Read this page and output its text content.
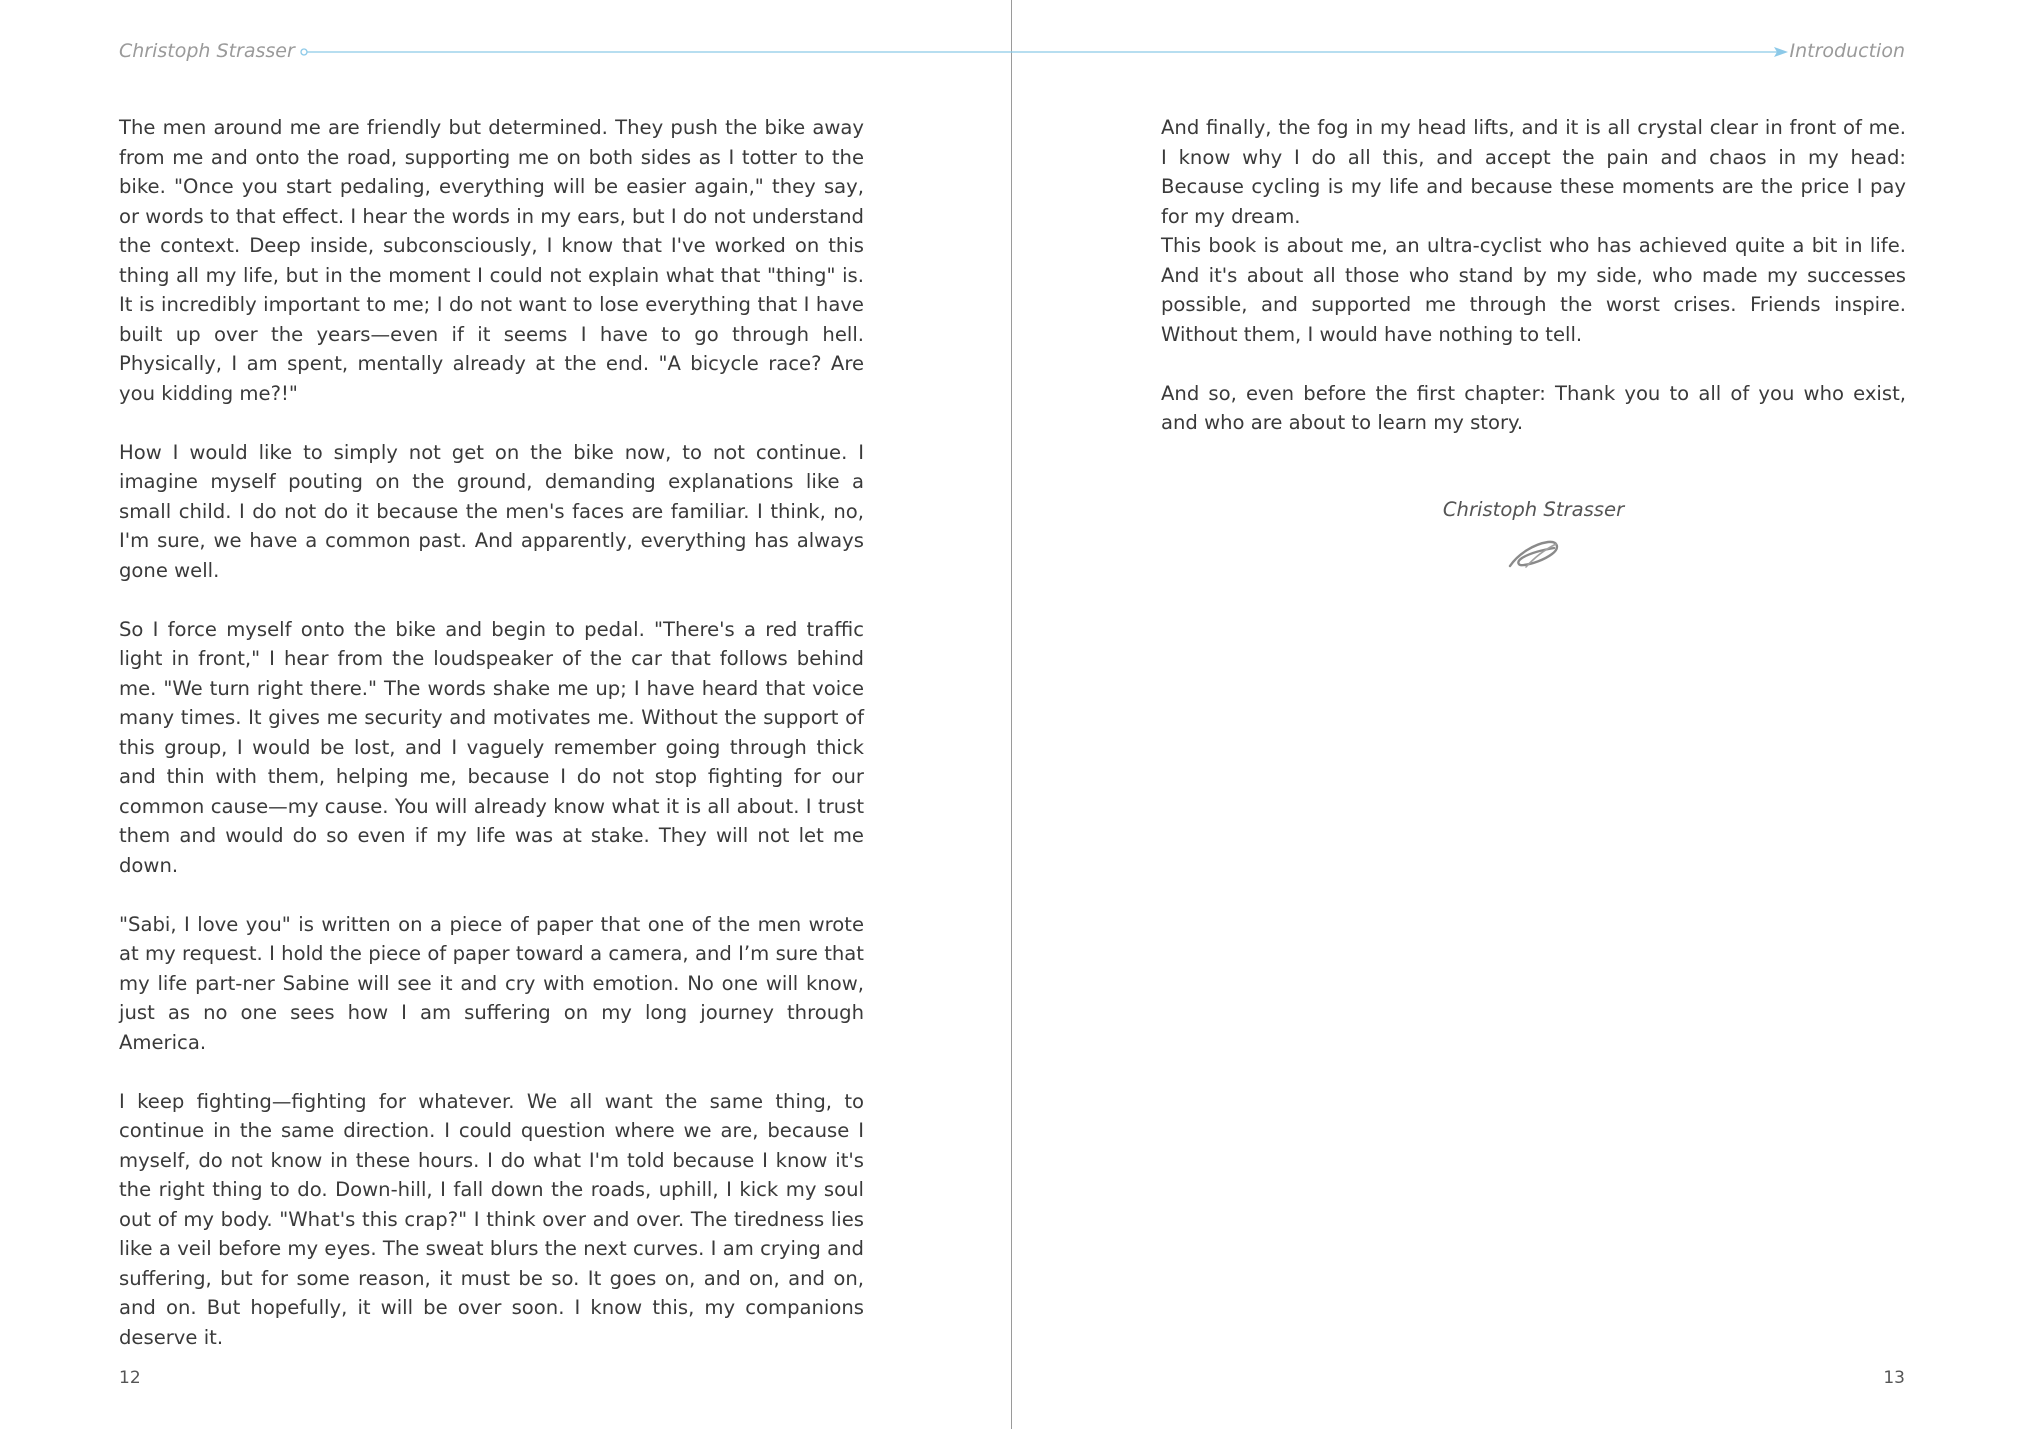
Christoph Strasser	Introduction

The men around me are friendly but determined. They push the bike away from me and onto the road, supporting me on both sides as I totter to the bike. "Once you start pedaling, everything will be easier again," they say, or words to that effect. I hear the words in my ears, but I do not understand the context. Deep inside, subconsciously, I know that I've worked on this thing all my life, but in the moment I could not explain what that "thing" is. It is incredibly important to me; I do not want to lose everything that I have built up over the years—even if it seems I have to go through hell. Physically, I am spent, mentally already at the end. "A bicycle race? Are you kidding me?!"

How I would like to simply not get on the bike now, to not continue. I imagine myself pouting on the ground, demanding explanations like a small child. I do not do it because the men's faces are familiar. I think, no, I'm sure, we have a common past. And apparently, everything has always gone well.

So I force myself onto the bike and begin to pedal. "There's a red traffic light in front," I hear from the loudspeaker of the car that follows behind me. "We turn right there." The words shake me up; I have heard that voice many times. It gives me security and motivates me. Without the support of this group, I would be lost, and I vaguely remember going through thick and thin with them, helping me, because I do not stop fighting for our common cause—my cause. You will already know what it is all about. I trust them and would do so even if my life was at stake. They will not let me down.

"Sabi, I love you" is written on a piece of paper that one of the men wrote at my request. I hold the piece of paper toward a camera, and I’m sure that my life part-ner Sabine will see it and cry with emotion. No one will know, just as no one sees how I am suffering on my long journey through America.

I keep fighting—fighting for whatever. We all want the same thing, to continue in the same direction. I could question where we are, because I myself, do not know in these hours. I do what I'm told because I know it's the right thing to do. Down-hill, I fall down the roads, uphill, I kick my soul out of my body. "What's this crap?" I think over and over. The tiredness lies like a veil before my eyes. The sweat blurs the next curves. I am crying and suffering, but for some reason, it must be so. It goes on, and on, and on, and on. But hopefully, it will be over soon. I know this, my companions deserve it.

And finally, the fog in my head lifts, and it is all crystal clear in front of me. I know why I do all this, and accept the pain and chaos in my head: Because cycling is my life and because these moments are the price I pay for my dream.

This book is about me, an ultra-cyclist who has achieved quite a bit in life. And it's about all those who stand by my side, who made my successes possible, and supported me through the worst crises. Friends inspire. Without them, I would have nothing to tell.

And so, even before the first chapter: Thank you to all of you who exist, and who are about to learn my story.

Christoph Strasser
12	13
